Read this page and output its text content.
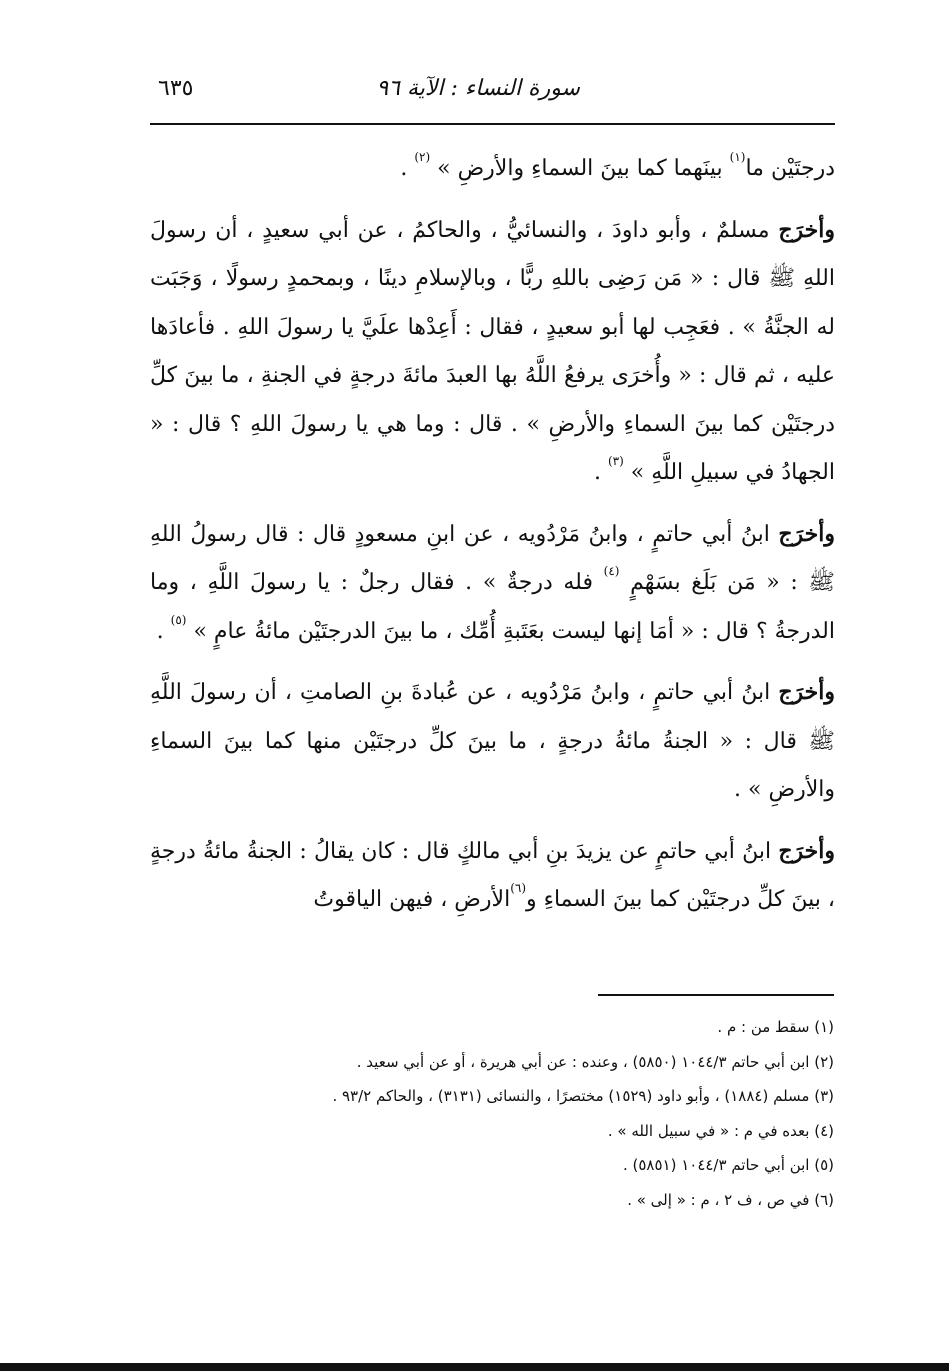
سورة النساء : الآية ٩٦
٦٣٥

درجتَيْن ما$^{(١)}$ بينَهما كما بينَ السماءِ والأرضِ » $^{(٢)}$ .

وأخرَج مسلمٌ ، وأبو داودَ ، والنسائيُّ ، والحاكمُ ، عن أبي سعيدٍ ، أن رسولَ اللهِ ﷺ قال : « مَن رَضِى باللهِ ربًّا ، وبالإسلامِ دينًا ، وبمحمدٍ رسولًا ، وَجَبَت له الجنَّةُ » . فعَجِب لها أبو سعيدٍ ، فقال : أَعِدْها علَيَّ يا رسولَ اللهِ . فأعادَها عليه ، ثم قال : « وأُخرَى يرفعُ اللَّهُ بها العبدَ مائةَ درجةٍ في الجنةِ ، ما بينَ كلِّ درجتَيْن كما بينَ السماءِ والأرضِ » . قال : وما هي يا رسولَ اللهِ ؟ قال : « الجهادُ في سبيلِ اللَّهِ » $^{(٣)}$ .

وأخرَج ابنُ أبي حاتمٍ ، وابنُ مَرْدُويه ، عن ابنِ مسعودٍ قال : قال رسولُ اللهِ ﷺ : « مَن بَلَغ بسَهْمٍ $^{(٤)}$ فله درجةٌ » . فقال رجلٌ : يا رسولَ اللَّهِ ، وما الدرجةُ ؟ قال : « أمَا إنها ليست بعَتَبةِ أُمِّك ، ما بينَ الدرجتَيْن مائةُ عامٍ » $^{(٥)}$ .

وأخرَج ابنُ أبي حاتمٍ ، وابنُ مَرْدُويه ، عن عُبادةَ بنِ الصامتِ ، أن رسولَ اللَّهِ ﷺ قال : « الجنةُ مائةُ درجةٍ ، ما بينَ كلِّ درجتَيْن منها كما بينَ السماءِ والأرضِ » .

وأخرَج ابنُ أبي حاتمٍ عن يزيدَ بنِ أبي مالكٍ قال : كان يقالُ : الجنةُ مائةُ درجةٍ ، بينَ كلِّ درجتَيْن كما بينَ السماءِ و$^{(٦)}$الأرضِ ، فيهن الياقوتُ

(١) سقط من : م .
(٢) ابن أبي حاتم ١٠٤٤/٣ (٥٨٥٠) ، وعنده : عن أبي هريرة ، أو عن أبي سعيد .
(٣) مسلم (١٨٨٤) ، وأبو داود (١٥٢٩) مختصرًا ، والنسائى (٣١٣١) ، والحاكم ٩٣/٢ .
(٤) بعده في م : « في سبيل الله » .
(٥) ابن أبي حاتم ١٠٤٤/٣ (٥٨٥١) .
(٦) في ص ، ف ٢ ، م : « إلى » .
